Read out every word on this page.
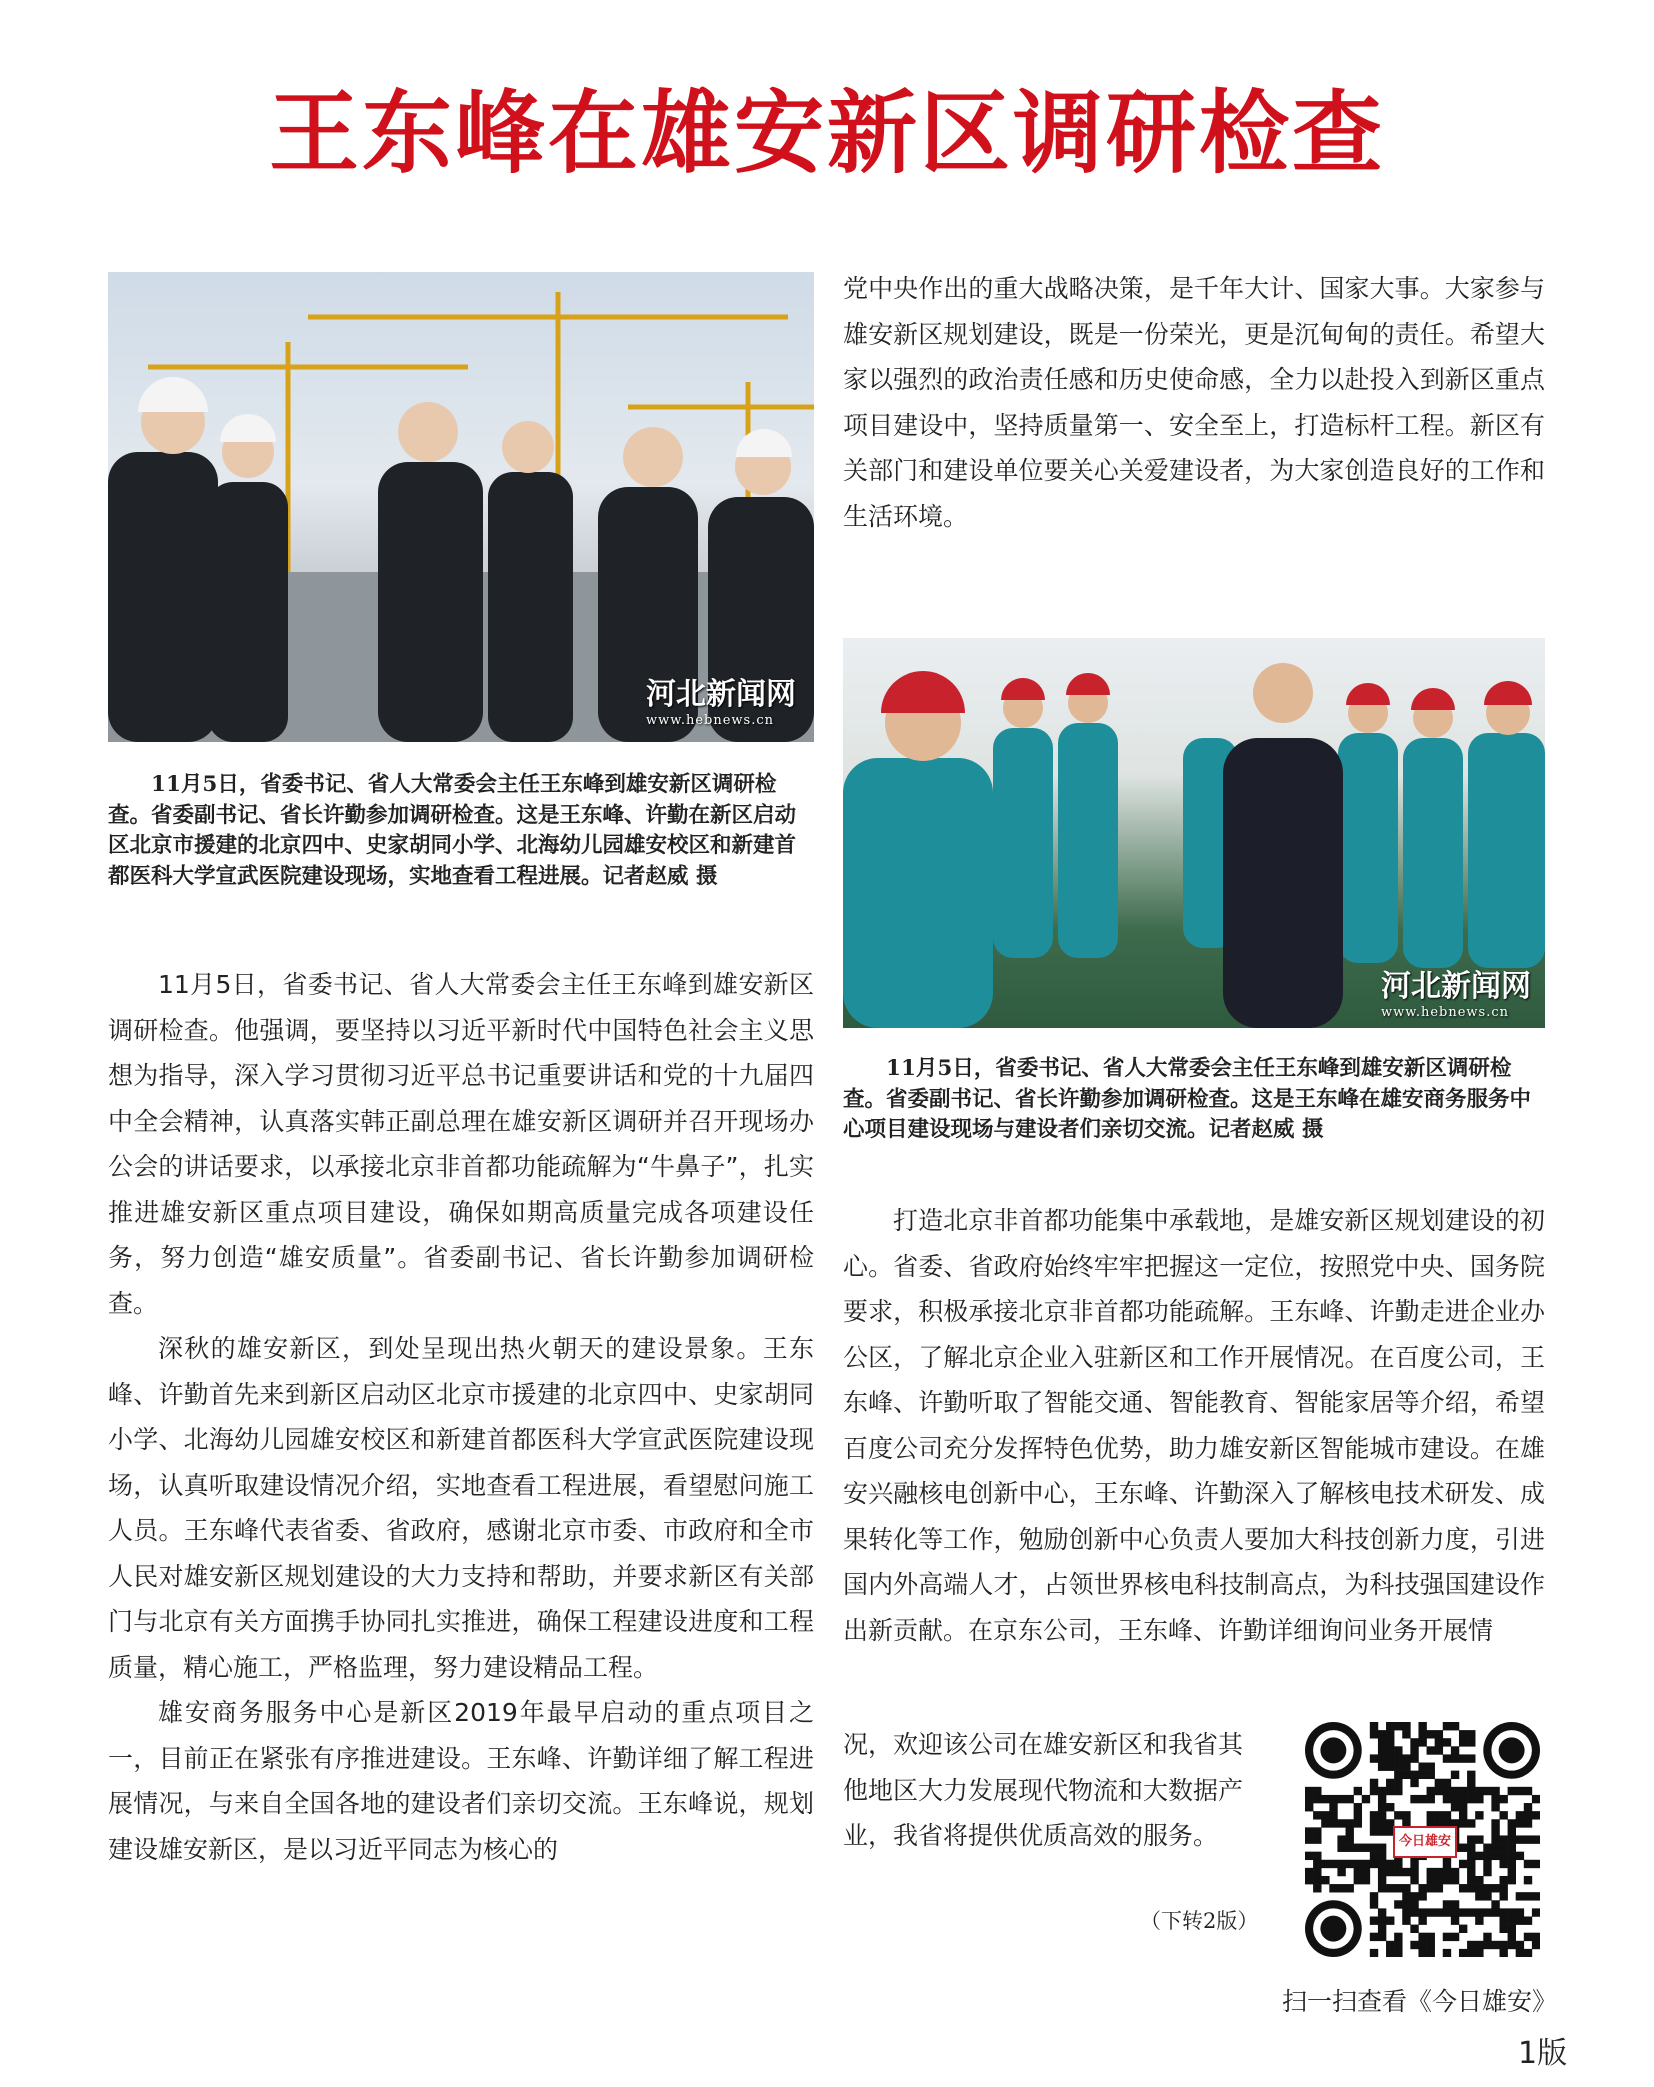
王东峰在雄安新区调研检查
河北新闻网
www.hebnews.cn

11月5日，省委书记、省人大常委会主任王东峰到雄安新区调研检查。省委副书记、省长许勤参加调研检查。这是王东峰、许勤在新区启动区北京市援建的北京四中、史家胡同小学、北海幼儿园雄安校区和新建首都医科大学宣武医院建设现场，实地查看工程进展。记者赵威 摄

11月5日，省委书记、省人大常委会主任王东峰到雄安新区调研检查。他强调，要坚持以习近平新时代中国特色社会主义思想为指导，深入学习贯彻习近平总书记重要讲话和党的十九届四中全会精神，认真落实韩正副总理在雄安新区调研并召开现场办公会的讲话要求，以承接北京非首都功能疏解为“牛鼻子”，扎实推进雄安新区重点项目建设，确保如期高质量完成各项建设任务，努力创造“雄安质量”。省委副书记、省长许勤参加调研检查。

深秋的雄安新区，到处呈现出热火朝天的建设景象。王东峰、许勤首先来到新区启动区北京市援建的北京四中、史家胡同小学、北海幼儿园雄安校区和新建首都医科大学宣武医院建设现场，认真听取建设情况介绍，实地查看工程进展，看望慰问施工人员。王东峰代表省委、省政府，感谢北京市委、市政府和全市人民对雄安新区规划建设的大力支持和帮助，并要求新区有关部门与北京有关方面携手协同扎实推进，确保工程建设进度和工程质量，精心施工，严格监理，努力建设精品工程。

雄安商务服务中心是新区2019年最早启动的重点项目之一，目前正在紧张有序推进建设。王东峰、许勤详细了解工程进展情况，与来自全国各地的建设者们亲切交流。王东峰说，规划建设雄安新区，是以习近平同志为核心的

党中央作出的重大战略决策，是千年大计、国家大事。大家参与雄安新区规划建设，既是一份荣光，更是沉甸甸的责任。希望大家以强烈的政治责任感和历史使命感，全力以赴投入到新区重点项目建设中，坚持质量第一、安全至上，打造标杆工程。新区有关部门和建设单位要关心关爱建设者，为大家创造良好的工作和生活环境。

河北新闻网
www.hebnews.cn

11月5日，省委书记、省人大常委会主任王东峰到雄安新区调研检查。省委副书记、省长许勤参加调研检查。这是王东峰在雄安商务服务中心项目建设现场与建设者们亲切交流。记者赵威 摄

打造北京非首都功能集中承载地，是雄安新区规划建设的初心。省委、省政府始终牢牢把握这一定位，按照党中央、国务院要求，积极承接北京非首都功能疏解。王东峰、许勤走进企业办公区，了解北京企业入驻新区和工作开展情况。在百度公司，王东峰、许勤听取了智能交通、智能教育、智能家居等介绍，希望百度公司充分发挥特色优势，助力雄安新区智能城市建设。在雄安兴融核电创新中心，王东峰、许勤深入了解核电技术研发、成果转化等工作，勉励创新中心负责人要加大科技创新力度，引进国内外高端人才，占领世界核电科技制高点，为科技强国建设作出新贡献。在京东公司，王东峰、许勤详细询问业务开展情

况，欢迎该公司在雄安新区和我省其他地区大力发展现代物流和大数据产业，我省将提供优质高效的服务。

（下转2版）
今日雄安
扫一扫查看《今日雄安》
1版
